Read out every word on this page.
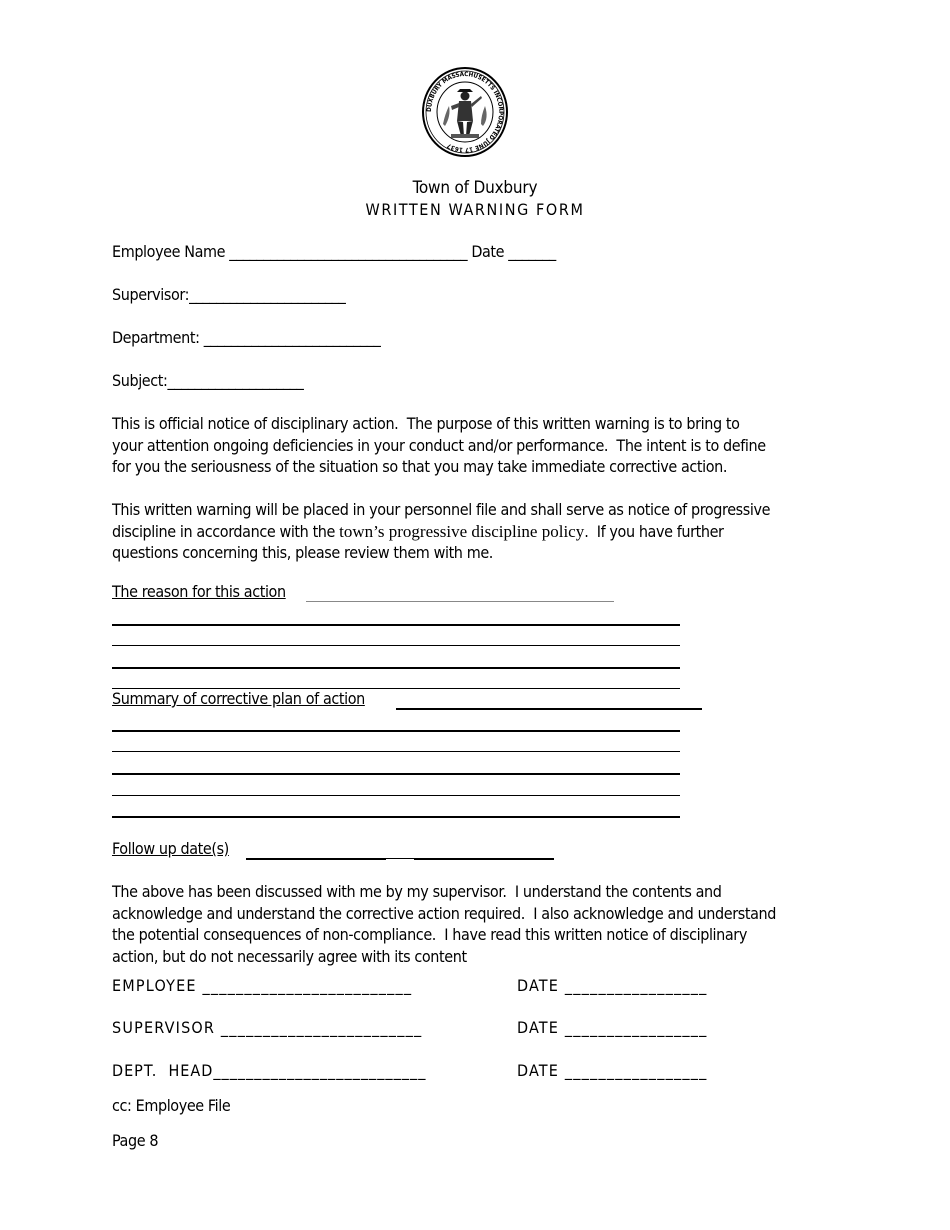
DUXBURY MASSACHUSETTS INCORPORATED JUNE 17 1637
Town of Duxbury
WRITTEN WARNING FORM

Employee Name ___________________________________ Date _______

Supervisor:_______________________

Department: __________________________

Subject:____________________

This is official notice of disciplinary action.  The purpose of this written warning is to bring to

your attention ongoing deficiencies in your conduct and/or performance.  The intent is to define

for you the seriousness of the situation so that you may take immediate corrective action.

This written warning will be placed in your personnel file and shall serve as notice of progressive

discipline in accordance with the town’s progressive discipline policy.  If you have further

questions concerning this, please review them with me.

The reason for this action

Summary of corrective plan of action

Follow up date(s)

The above has been discussed with me by my supervisor.  I understand the contents and

acknowledge and understand the corrective action required.  I also acknowledge and understand

the potential consequences of non-compliance.  I have read this written notice of disciplinary

action, but do not necessarily agree with its content

EMPLOYEE _________________________	DATE _________________

SUPERVISOR ________________________	DATE _________________

DEPT.  HEAD__________________________	DATE _________________

cc: Employee File

Page 8
